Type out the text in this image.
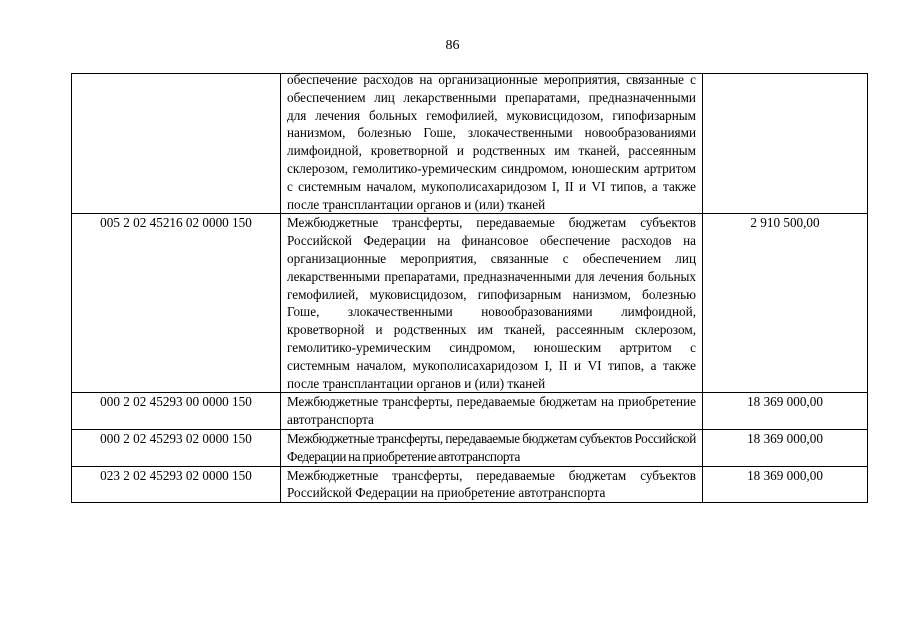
86

	обеспечение расходов на организационные мероприятия, связанные с обеспечением лиц лекарственными препаратами, предназначенными для лечения больных гемофилией, муковисцидозом, гипофизарным нанизмом, болезнью Гоше, злокачественными новообразованиями лимфоидной, кроветворной и родственных им тканей, рассеянным склерозом, гемолитико-уремическим синдромом, юношеским артритом с системным началом, мукополисахаридозом I, II и VI типов, а также после трансплантации органов и (или) тканей	

005 2 02 45216 02 0000 150	Межбюджетные трансферты, передаваемые бюджетам субъектов Российской Федерации на финансовое обеспечение расходов на организационные мероприятия, связанные с обеспечением лиц лекарственными препаратами, предназначенными для лечения больных гемофилией, муковисцидозом, гипофизарным нанизмом, болезнью Гоше, злокачественными новообразованиями лимфоидной, кроветворной и родственных им тканей, рассеянным склерозом, гемолитико-уремическим синдромом, юношеским артритом с системным началом, мукополисахаридозом I, II и VI типов, а также после трансплантации органов и (или) тканей	2 910 500,00
000 2 02 45293 00 0000 150	Межбюджетные трансферты, передаваемые бюджетам на приобретение автотранспорта	18 369 000,00
000 2 02 45293 02 0000 150	Межбюджетные трансферты, передаваемые бюджетам субъектов Российской Федерации на приобретение автотранспорта	18 369 000,00
023 2 02 45293 02 0000 150	Межбюджетные трансферты, передаваемые бюджетам субъектов Российской Федерации на приобретение автотранспорта	18 369 000,00
